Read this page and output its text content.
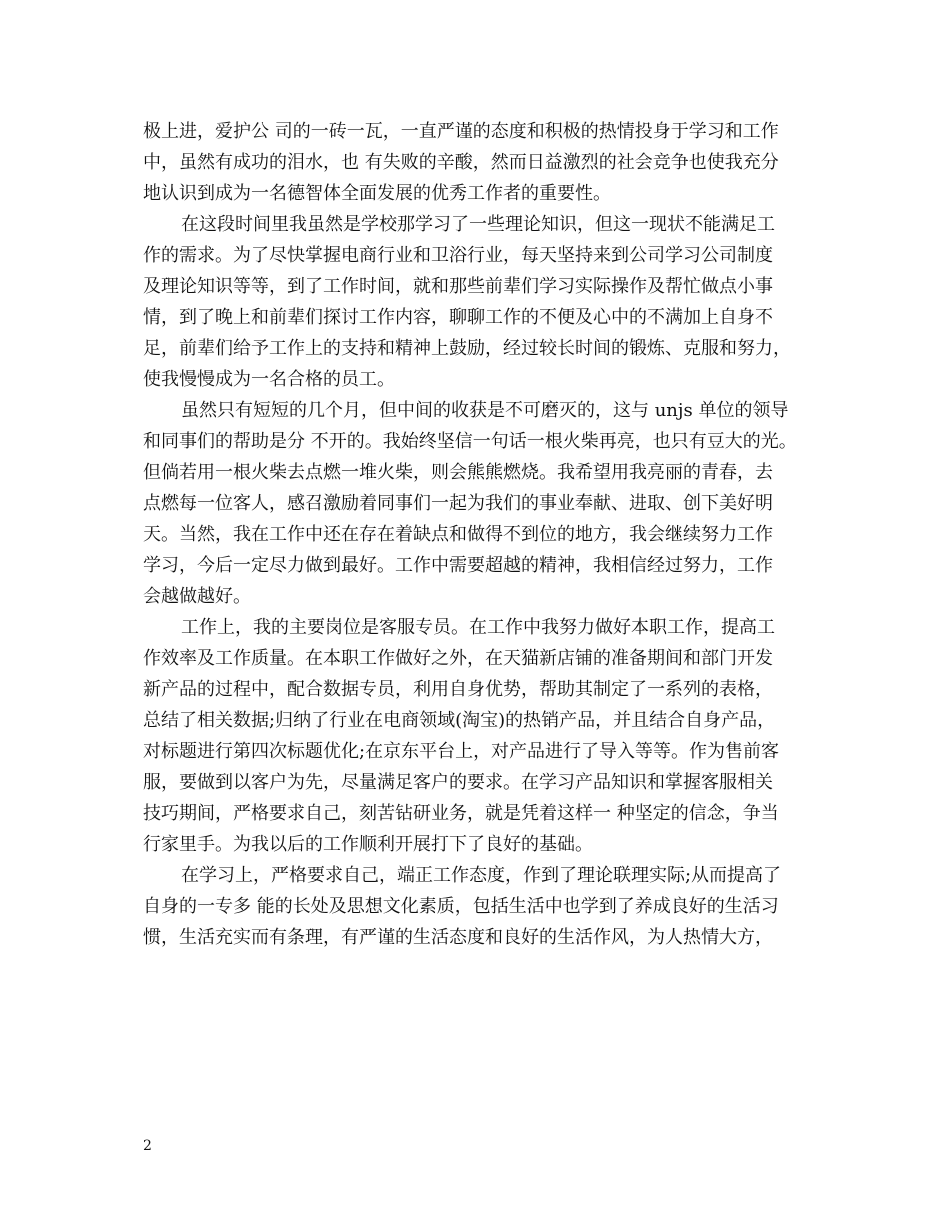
极上进，爱护公 司的一砖一瓦，一直严谨的态度和积极的热情投身于学习和工作
中，虽然有成功的泪水，也 有失败的辛酸，然而日益激烈的社会竞争也使我充分
地认识到成为一名德智体全面发展的优秀工作者的重要性。
在这段时间里我虽然是学校那学习了一些理论知识，但这一现状不能满足工
作的需求。为了尽快掌握电商行业和卫浴行业，每天坚持来到公司学习公司制度
及理论知识等等，到了工作时间，就和那些前辈们学习实际操作及帮忙做点小事
情，到了晚上和前辈们探讨工作内容，聊聊工作的不便及心中的不满加上自身不
足，前辈们给予工作上的支持和精神上鼓励，经过较长时间的锻炼、克服和努力，
使我慢慢成为一名合格的员工。
虽然只有短短的几个月，但中间的收获是不可磨灭的，这与 unjs 单位的领导
和同事们的帮助是分 不开的。我始终坚信一句话一根火柴再亮，也只有豆大的光。
但倘若用一根火柴去点燃一堆火柴，则会熊熊燃烧。我希望用我亮丽的青春，去
点燃每一位客人，感召激励着同事们一起为我们的事业奉献、进取、创下美好明
天。当然，我在工作中还在存在着缺点和做得不到位的地方，我会继续努力工作
学习，今后一定尽力做到最好。工作中需要超越的精神，我相信经过努力，工作
会越做越好。
工作上，我的主要岗位是客服专员。在工作中我努力做好本职工作，提高工
作效率及工作质量。在本职工作做好之外，在天猫新店铺的准备期间和部门开发
新产品的过程中，配合数据专员，利用自身优势，帮助其制定了一系列的表格，
总结了相关数据;归纳了行业在电商领域(淘宝)的热销产品，并且结合自身产品，
对标题进行第四次标题优化;在京东平台上，对产品进行了导入等等。作为售前客
服，要做到以客户为先，尽量满足客户的要求。在学习产品知识和掌握客服相关
技巧期间，严格要求自己，刻苦钻研业务，就是凭着这样一 种坚定的信念，争当
行家里手。为我以后的工作顺利开展打下了良好的基础。
在学习上，严格要求自己，端正工作态度，作到了理论联理实际;从而提高了
自身的一专多 能的长处及思想文化素质，包括生活中也学到了养成良好的生活习
惯，生活充实而有条理，有严谨的生活态度和良好的生活作风，为人热情大方，
2
